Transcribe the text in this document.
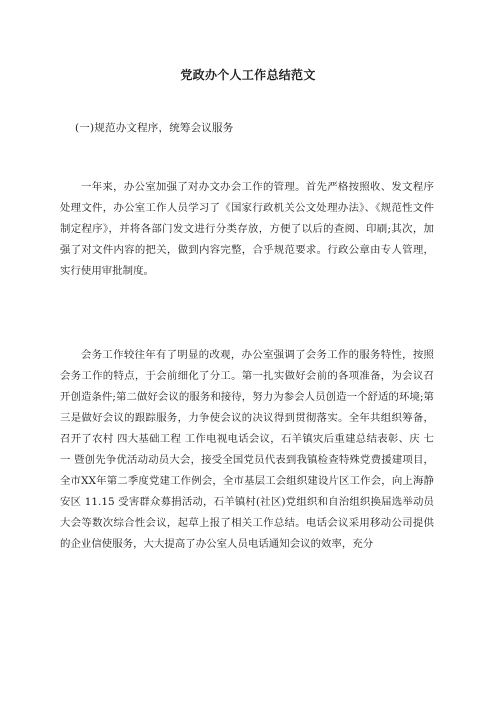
党政办个人工作总结范文
(一)规范办文程序，统筹会议服务

一年来，办公室加强了对办文办会工作的管理。首先严格按照收、发文程序处理文件，办公室工作人员学习了《国家行政机关公文处理办法》、《规范性文件制定程序》，并将各部门发文进行分类存放，方便了以后的查阅、印刷;其次，加强了对文件内容的把关，做到内容完整，合乎规范要求。行政公章由专人管理，实行使用审批制度。

会务工作较往年有了明显的改观，办公室强调了会务工作的服务特性，按照会务工作的特点，于会前细化了分工。第一扎实做好会前的各项准备，为会议召开创造条件;第二做好会议的服务和接待，努力为参会人员创造一个舒适的环境;第三是做好会议的跟踪服务，力争使会议的决议得到贯彻落实。全年共组织筹备，召开了农村 四大基础工程 工作电视电话会议，石羊镇灾后重建总结表彰、庆 七 一 暨创先争优活动动员大会，接受全国党员代表到我镇检查特殊党费援建项目，全市XX年第二季度党建工作例会，全市基层工会组织建设片区工作会，向上海静安区 11.15 受害群众募捐活动，石羊镇村(社区)党组织和自治组织换届选举动员大会等数次综合性会议，起草上报了相关工作总结。电话会议采用移动公司提供的企业信使服务，大大提高了办公室人员电话通知会议的效率，充分
